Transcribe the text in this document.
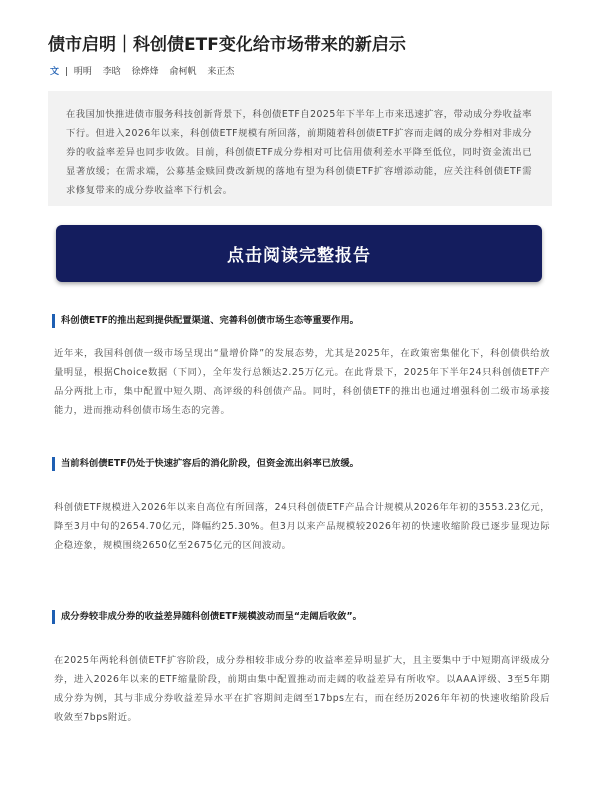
债市启明｜科创债ETF变化给市场带来的新启示
文 | 明明 李晗 徐烨烽 俞柯帆 来正杰
在我国加快推进债市服务科技创新背景下，科创债ETF自2025年下半年上市来迅速扩容，带动成分券收益率下行。但进入2026年以来，科创债ETF规模有所回落，前期随着科创债ETF扩容而走阔的成分券相对非成分券的收益率差异也同步收敛。目前，科创债ETF成分券相对可比信用债利差水平降至低位，同时资金流出已显著放缓；在需求端，公募基金赎回费改新规的落地有望为科创债ETF扩容增添动能，应关注科创债ETF需求修复带来的成分券收益率下行机会。
点击阅读完整报告
科创债ETF的推出起到提供配置渠道、完善科创债市场生态等重要作用。
近年来，我国科创债一级市场呈现出“量增价降”的发展态势，尤其是2025年，在政策密集催化下，科创债供给放量明显，根据Choice数据（下同），全年发行总额达2.25万亿元。在此背景下，2025年下半年24只科创债ETF产品分两批上市，集中配置中短久期、高评级的科创债产品。同时，科创债ETF的推出也通过增强科创二级市场承接能力，进而推动科创债市场生态的完善。
当前科创债ETF仍处于快速扩容后的消化阶段，但资金流出斜率已放缓。
科创债ETF规模进入2026年以来自高位有所回落，24只科创债ETF产品合计规模从2026年年初的3553.23亿元，降至3月中旬的2654.70亿元，降幅约25.30%。但3月以来产品规模较2026年初的快速收缩阶段已逐步显现边际企稳迹象，规模围绕2650亿至2675亿元的区间波动。
成分券较非成分券的收益差异随科创债ETF规模波动而呈“走阔后收敛”。
在2025年两轮科创债ETF扩容阶段，成分券相较非成分券的收益率差异明显扩大，且主要集中于中短期高评级成分券，进入2026年以来的ETF缩量阶段，前期由集中配置推动而走阔的收益差异有所收窄。以AAA评级、3至5年期成分券为例，其与非成分券收益差异水平在扩容期间走阔至17bps左右，而在经历2026年年初的快速收缩阶段后收敛至7bps附近。
